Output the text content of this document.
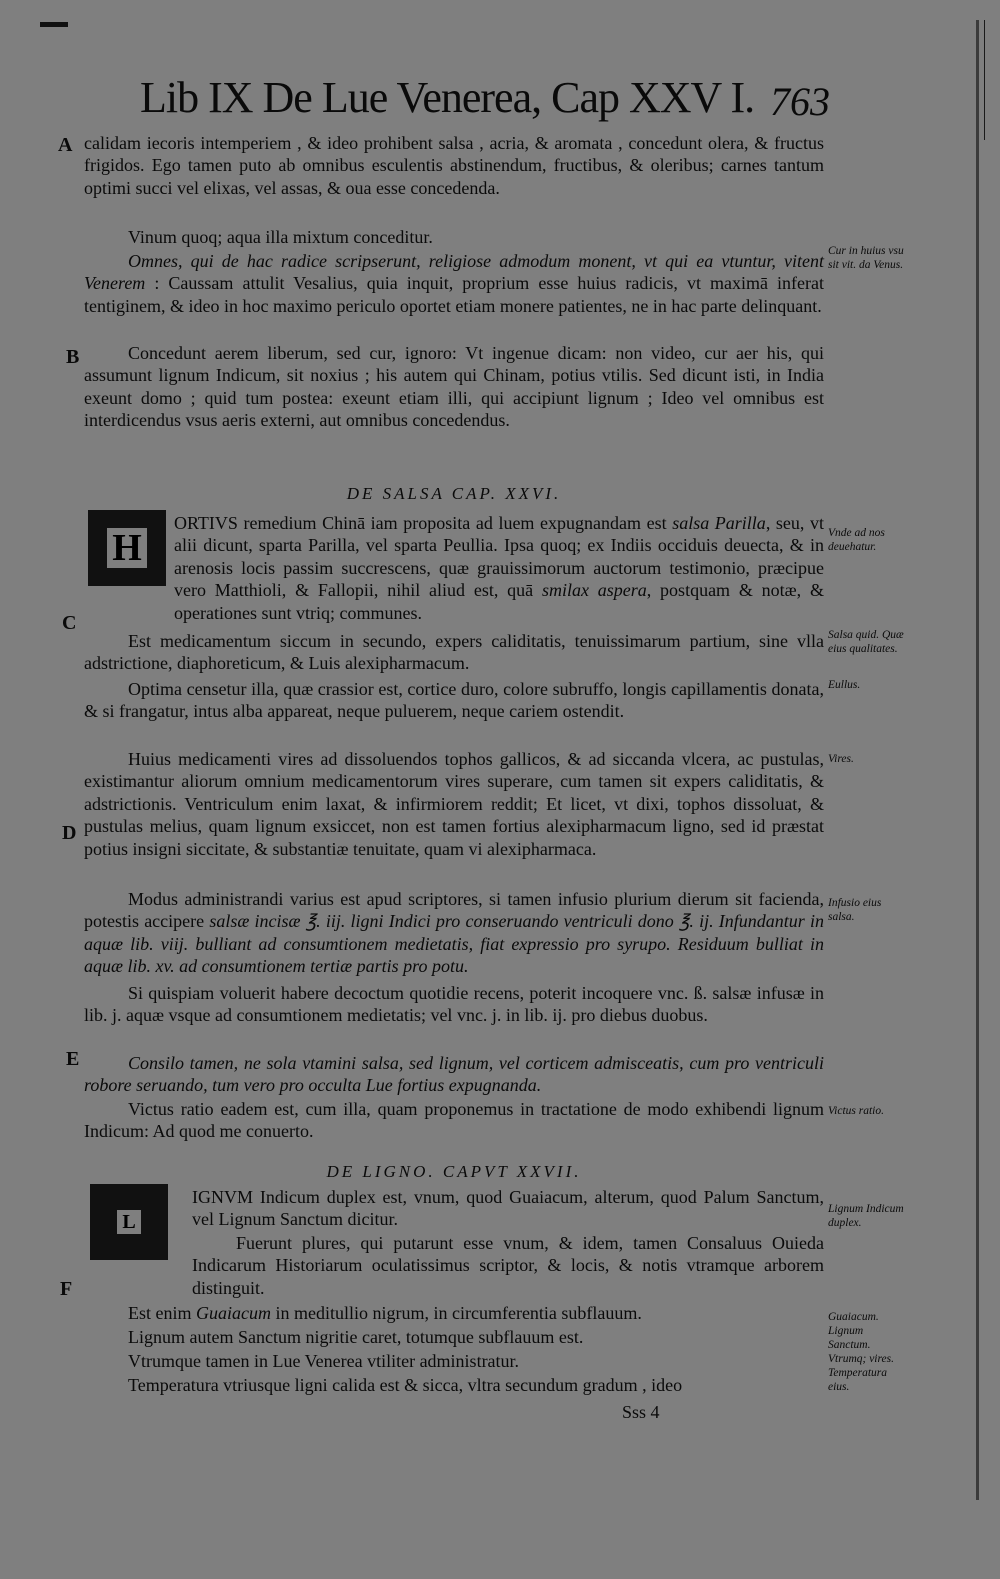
Lib IX De Lue Venerea, Cap XXV I. 763
A
B
C
D
E
F
calidam iecoris intemperiem , & ideo prohibent salsa , acria, & aromata , concedunt olera, & fructus frigidos. Ego tamen puto ab omnibus esculentis abstinendum, fructibus, & oleribus; carnes tantum optimi succi vel elixas, vel assas, & oua esse concedenda.
Vinum quoq; aqua illa mixtum conceditur.
Omnes, qui de hac radice scripserunt, religiose admodum monent, vt qui ea vtuntur, vitent Venerem : Caussam attulit Vesalius, quia inquit, proprium esse huius radicis, vt maximā inferat tentiginem, & ideo in hoc maximo periculo oportet etiam monere patientes, ne in hac parte delinquant.
Concedunt aerem liberum, sed cur, ignoro: Vt ingenue dicam: non video, cur aer his, qui assumunt lignum Indicum, sit noxius ; his autem qui Chinam, potius vtilis. Sed dicunt isti, in India exeunt domo ; quid tum postea: exeunt etiam illi, qui accipiunt lignum ; Ideo vel omnibus est interdicendus vsus aeris externi, aut omnibus concedendus.
DE SALSA CAP. XXVI.
H
ORTIVS remedium Chinā iam proposita ad luem expugnandam est salsa Parilla, seu, vt alii dicunt, sparta Parilla, vel sparta Peullia. Ipsa quoq; ex Indiis occiduis deuecta, & in arenosis locis passim succrescens, quæ grauissimorum auctorum testimonio, præcipue vero Matthioli, & Fallopii, nihil aliud est, quā smilax aspera, postquam & notæ, & operationes sunt vtriq; communes.
Est medicamentum siccum in secundo, expers caliditatis, tenuissimarum partium, sine vlla adstrictione, diaphoreticum, & Luis alexipharmacum.
Optima censetur illa, quæ crassior est, cortice duro, colore subruffo, longis capillamentis donata, & si frangatur, intus alba appareat, neque puluerem, neque cariem ostendit.
Huius medicamenti vires ad dissoluendos tophos gallicos, & ad siccanda vlcera, ac pustulas, existimantur aliorum omnium medicamentorum vires superare, cum tamen sit expers caliditatis, & adstrictionis. Ventriculum enim laxat, & infirmiorem reddit; Et licet, vt dixi, tophos dissoluat, & pustulas melius, quam lignum exsiccet, non est tamen fortius alexipharmacum ligno, sed id præstat potius insigni siccitate, & substantiæ tenuitate, quam vi alexipharmaca.
Modus administrandi varius est apud scriptores, si tamen infusio plurium dierum sit facienda, potestis accipere salsæ incisæ ℥. iij. ligni Indici pro conseruando ventriculi dono ℥. ij. Infundantur in aquæ lib. viij. bulliant ad consumtionem medietatis, fiat expressio pro syrupo. Residuum bulliat in aquæ lib. xv. ad consumtionem tertiæ partis pro potu.
Si quispiam voluerit habere decoctum quotidie recens, poterit incoquere vnc. ß. salsæ infusæ in lib. j. aquæ vsque ad consumtionem medietatis; vel vnc. j. in lib. ij. pro diebus duobus.
Consilo tamen, ne sola vtamini salsa, sed lignum, vel corticem admisceatis, cum pro ventriculi robore seruando, tum vero pro occulta Lue fortius expugnanda.
Victus ratio eadem est, cum illa, quam proponemus in tractatione de modo exhibendi lignum Indicum: Ad quod me conuerto.
DE LIGNO. CAPVT XXVII.
L
IGNVM Indicum duplex est, vnum, quod Guaiacum, alterum, quod Palum Sanctum, vel Lignum Sanctum dicitur.
Fuerunt plures, qui putarunt esse vnum, & idem, tamen Consaluus Ouieda Indicarum Historiarum oculatissimus scriptor, & locis, & notis vtramque arborem distinguit.
Est enim Guaiacum in meditullio nigrum, in circumferentia subflauum.
Lignum autem Sanctum nigritie caret, totumque subflauum est.
Vtrumque tamen in Lue Venerea vtiliter administratur.
Temperatura vtriusque ligni calida est & sicca, vltra secundum gradum , ideo
Cur in huius vsu sit vit. da Venus.
Vnde ad nos deuehatur.
Salsa quid. Quæ eius qualitates.
Eullus.
Vires.
Infusio eius salsa.
Victus ratio.
Lignum Indicum duplex.
Guaiacum. Lignum Sanctum. Vtrumq; vires. Temperatura eius.
Sss 4
